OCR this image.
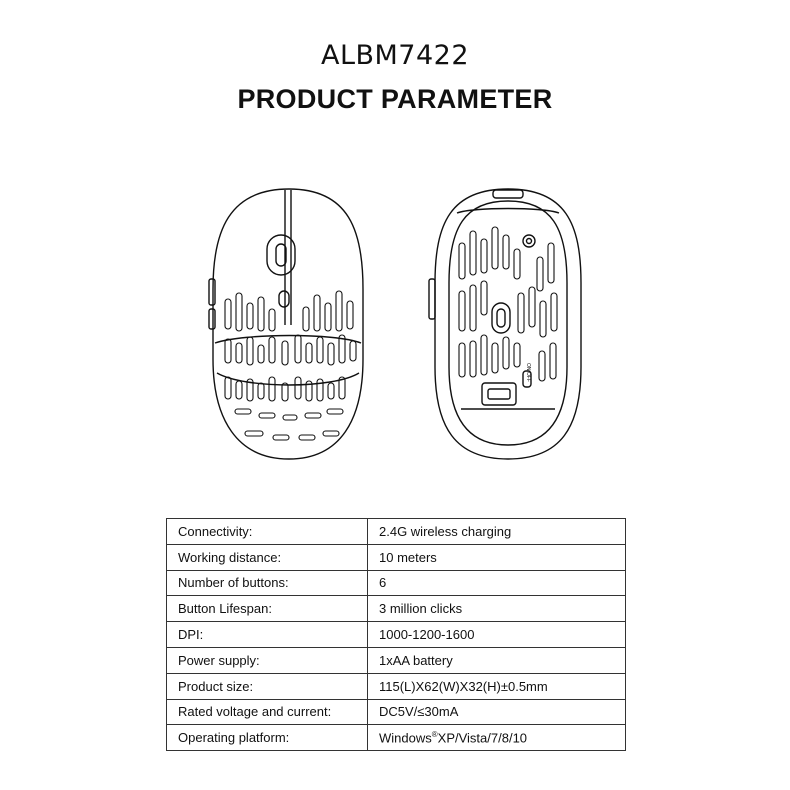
ALBM7422
PRODUCT PARAMETER
ON OFF
Connectivity:	2.4G wireless charging
Working distance:	10 meters
Number of buttons:	6
Button Lifespan:	3 million clicks
DPI:	1000-1200-1600
Power supply:	1xAA battery
Product size:	115(L)X62(W)X32(H)±0.5mm
Rated voltage and current:	DC5V/≤30mA
Operating platform:	Windows®XP/Vista/7/8/10
